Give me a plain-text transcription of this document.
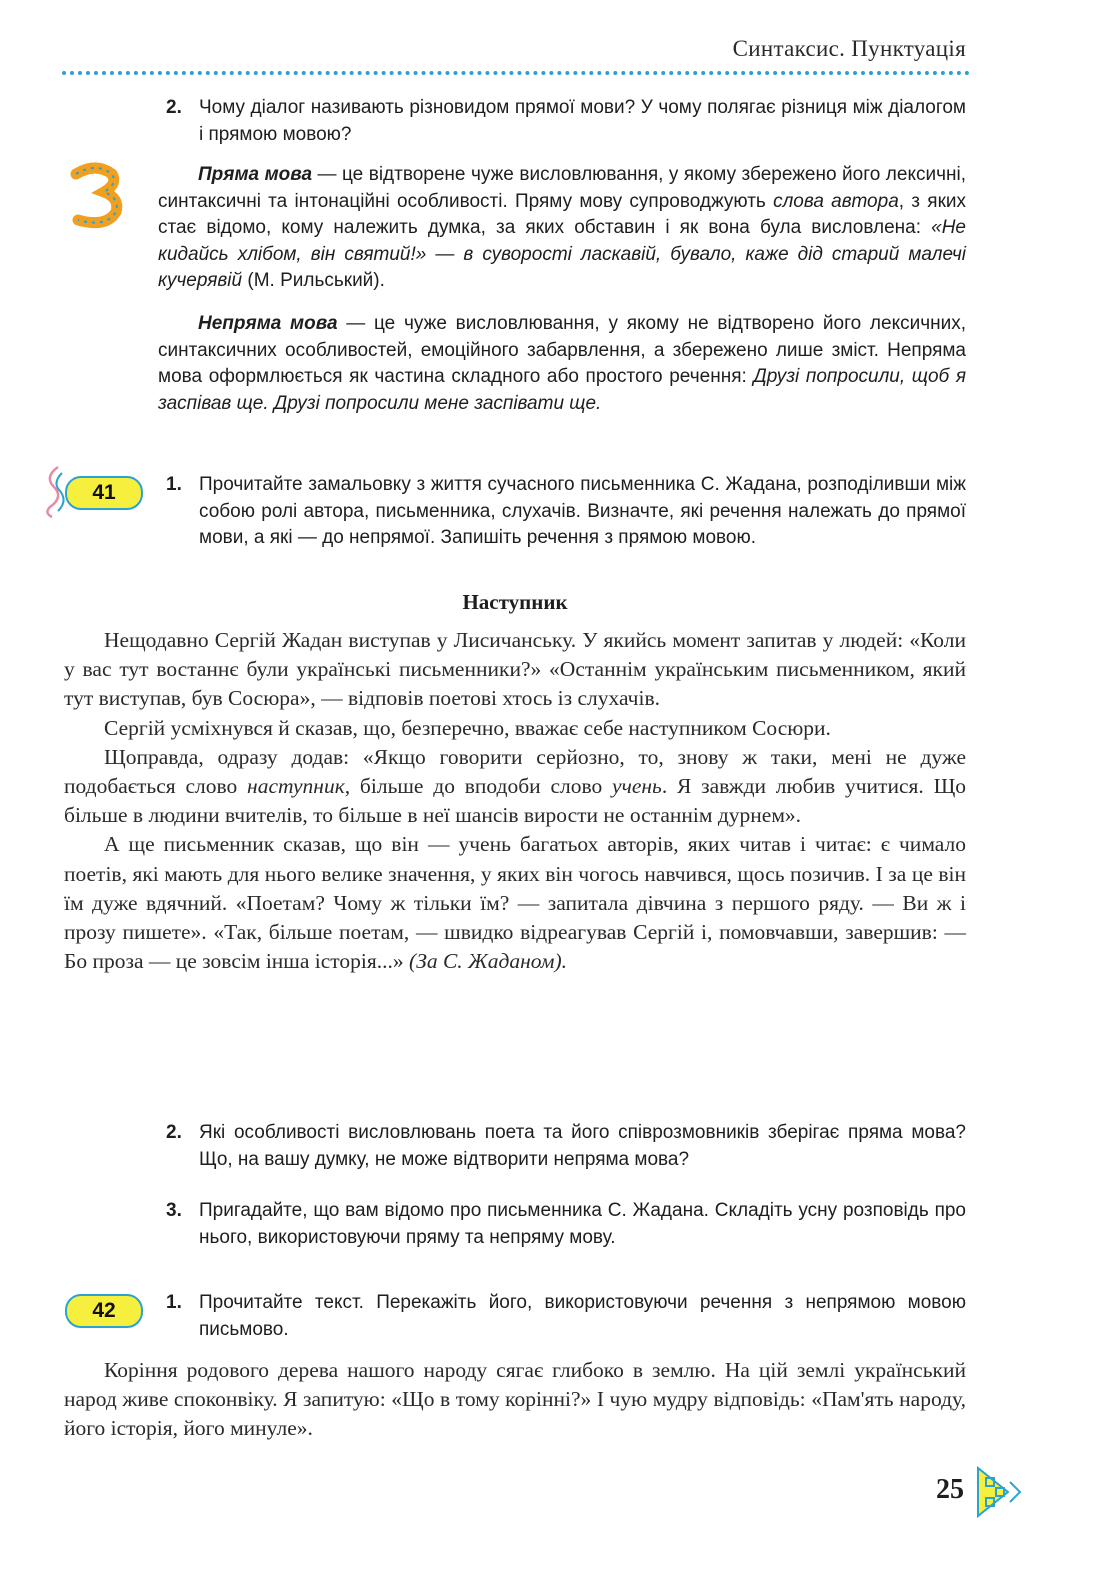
Синтаксис. Пунктуація
2. Чому діалог називають різновидом прямої мови? У чому полягає різниця між діалогом і прямою мовою?

Пряма мова — це відтворене чуже висловлювання, у якому збережено його лексичні, синтаксичні та інтонаційні особливості. Пряму мову супроводжують слова автора, з яких стає відомо, кому належить думка, за яких обставин і як вона була висловлена: «Не кидайсь хлібом, він святий!» — в суворості ласкавій, бувало, каже дід старий малечі кучерявій (М. Рильський).

Непряма мова — це чуже висловлювання, у якому не відтворено його лексичних, синтаксичних особливостей, емоційного забарвлення, а збережено лише зміст. Непряма мова оформлюється як частина складного або простого речення: Друзі попросили, щоб я заспівав ще. Друзі попросили мене заспівати ще.

41	1. Прочитайте замальовку з життя сучасного письменника С. Жадана, розподіливши між собою ролі автора, письменника, слухачів. Визначте, які речення належать до прямої мови, а які — до непрямої. Запишіть речення з прямою мовою.
Наступник

Нещодавно Сергій Жадан виступав у Лисичанську. У якийсь момент запитав у людей: «Коли у вас тут востаннє були українські письменники?» «Останнім українським письменником, який тут виступав, був Сосюра», — відповів поетові хтось із слухачів.

Сергій усміхнувся й сказав, що, безперечно, вважає себе наступником Сосюри.

Щоправда, одразу додав: «Якщо говорити серйозно, то, знову ж таки, мені не дуже подобається слово наступник, більше до вподоби слово учень. Я завжди любив учитися. Що більше в людини вчителів, то більше в неї шансів вирости не останнім дурнем».

А ще письменник сказав, що він — учень багатьох авторів, яких читав і читає: є чимало поетів, які мають для нього велике значення, у яких він чогось навчився, щось позичив. І за це він їм дуже вдячний. «Поетам? Чому ж тільки їм? — запитала дівчина з першого ряду. — Ви ж і прозу пишете». «Так, більше поетам, — швидко відреагував Сергій і, помовчавши, завершив: — Бо проза — це зовсім інша історія...» (За С. Жаданом).

2. Які особливості висловлювань поета та його співрозмовників зберігає пряма мова? Що, на вашу думку, не може відтворити непряма мова?
3. Пригадайте, що вам відомо про письменника С. Жадана. Складіть усну розповідь про нього, використовуючи пряму та непряму мову.
42	1. Прочитайте текст. Перекажіть його, використовуючи речення з непрямою мовою письмово.

Коріння родового дерева нашого народу сягає глибоко в землю. На цій землі український народ живе споконвіку. Я запитую: «Що в тому корінні?» І чую мудру відповідь: «Пам'ять народу, його історія, його минуле».

25
